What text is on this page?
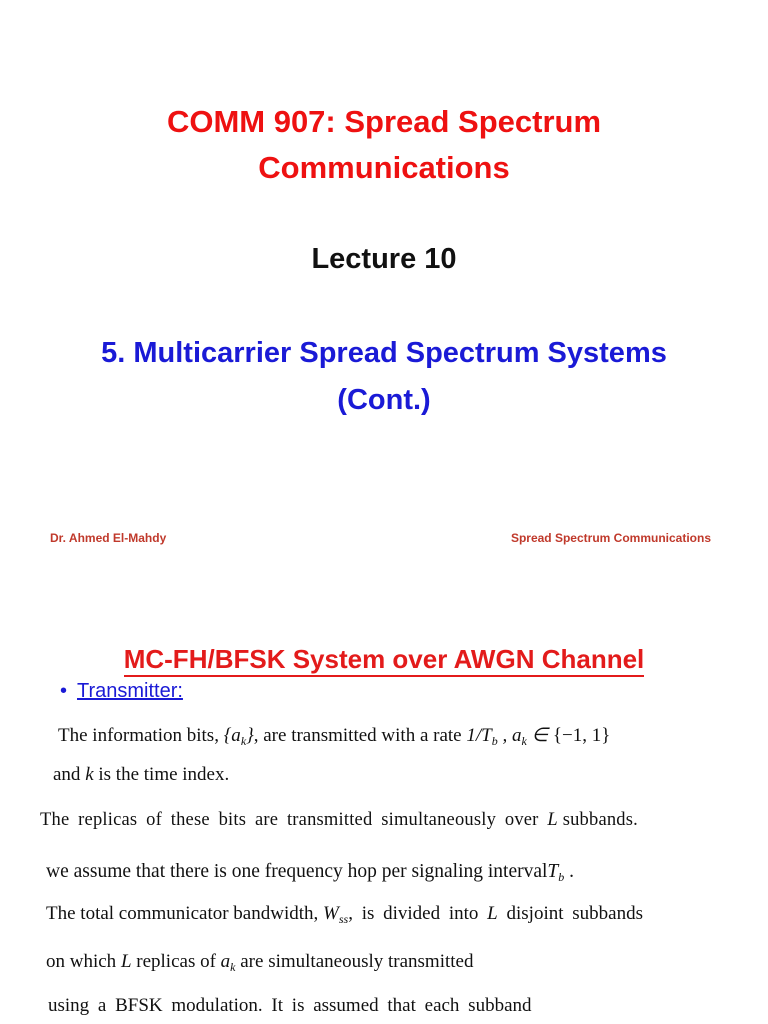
COMM 907: Spread Spectrum
Communications
Lecture 10
5. Multicarrier Spread Spectrum Systems
(Cont.)
Dr. Ahmed El-Mahdy	Spread Spectrum Communications
MC-FH/BFSK System over AWGN Channel
• Transmitter:
The information bits, $\{a_k\}$, are transmitted with a rate $1/T_b$ , $a_k$ ∈ {−1, 1}
and k is the time index.
The replicas of these bits are transmitted simultaneously over L subbands.
we assume that there is one frequency hop per signaling intervalT$_b$ .
The total communicator bandwidth, $W_{ss}$, is divided into L disjoint subbands
on which L replicas of $a_k$ are simultaneously transmitted
using a BFSK modulation. It is assumed that each subband
